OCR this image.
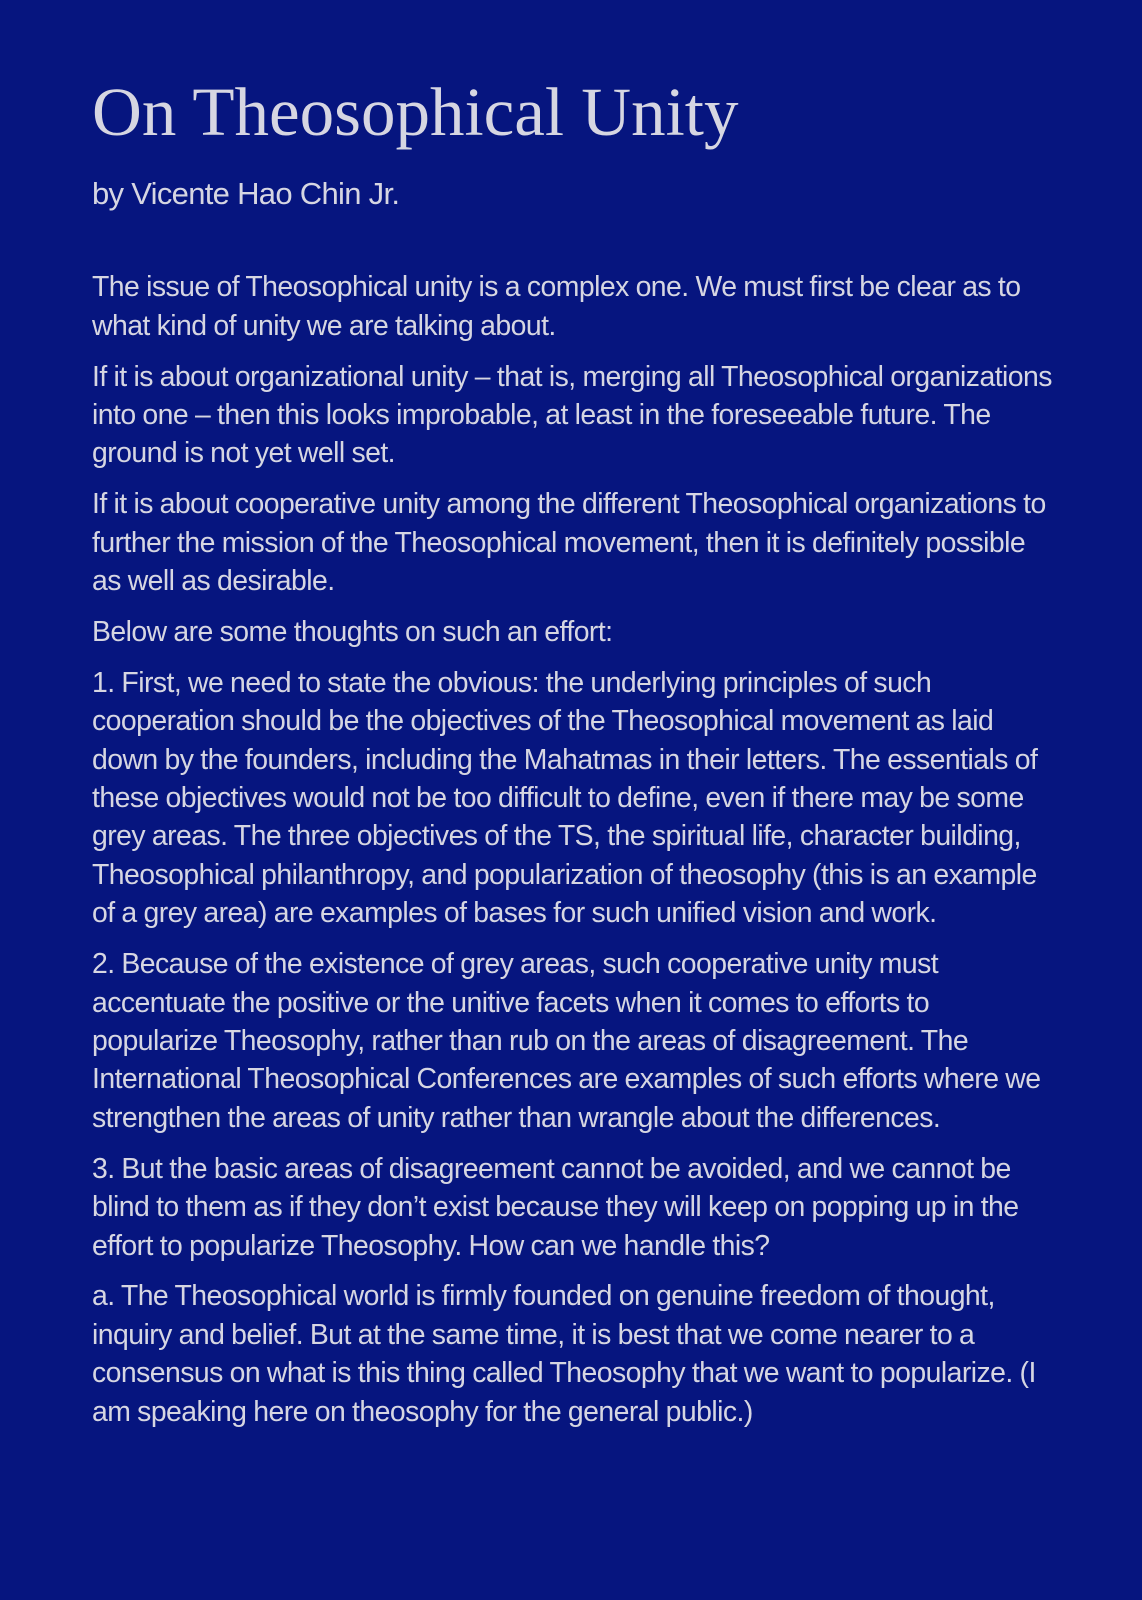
On Theosophical Unity
by Vicente Hao Chin Jr.

The issue of Theosophical unity is a complex one. We must first be clear as to what kind of unity we are talking about.

If it is about organizational unity – that is, merging all Theosophical organizations into one – then this looks improbable, at least in the foreseeable future. The ground is not yet well set.

If it is about cooperative unity among the different Theosophical organizations to further the mission of the Theosophical movement, then it is definitely possible as well as desirable.

Below are some thoughts on such an effort:

1. First, we need to state the obvious: the underlying principles of such cooperation should be the objectives of the Theosophical movement as laid down by the founders, including the Mahatmas in their letters. The essentials of these objectives would not be too difficult to define, even if there may be some grey areas. The three objectives of the TS, the spiritual life, character building, Theosophical philanthropy, and popularization of theosophy (this is an example of a grey area) are examples of bases for such unified vision and work.

2. Because of the existence of grey areas, such cooperative unity must accentuate the positive or the unitive facets when it comes to efforts to popularize Theosophy, rather than rub on the areas of disagreement. The International Theosophical Conferences are examples of such efforts where we strengthen the areas of unity rather than wrangle about the differences.

3. But the basic areas of disagreement cannot be avoided, and we cannot be blind to them as if they don’t exist because they will keep on popping up in the effort to popularize Theosophy. How can we handle this?

a. The Theosophical world is firmly founded on genuine freedom of thought, inquiry and belief. But at the same time, it is best that we come nearer to a consensus on what is this thing called Theosophy that we want to popularize. (I am speaking here on theosophy for the general public.)
